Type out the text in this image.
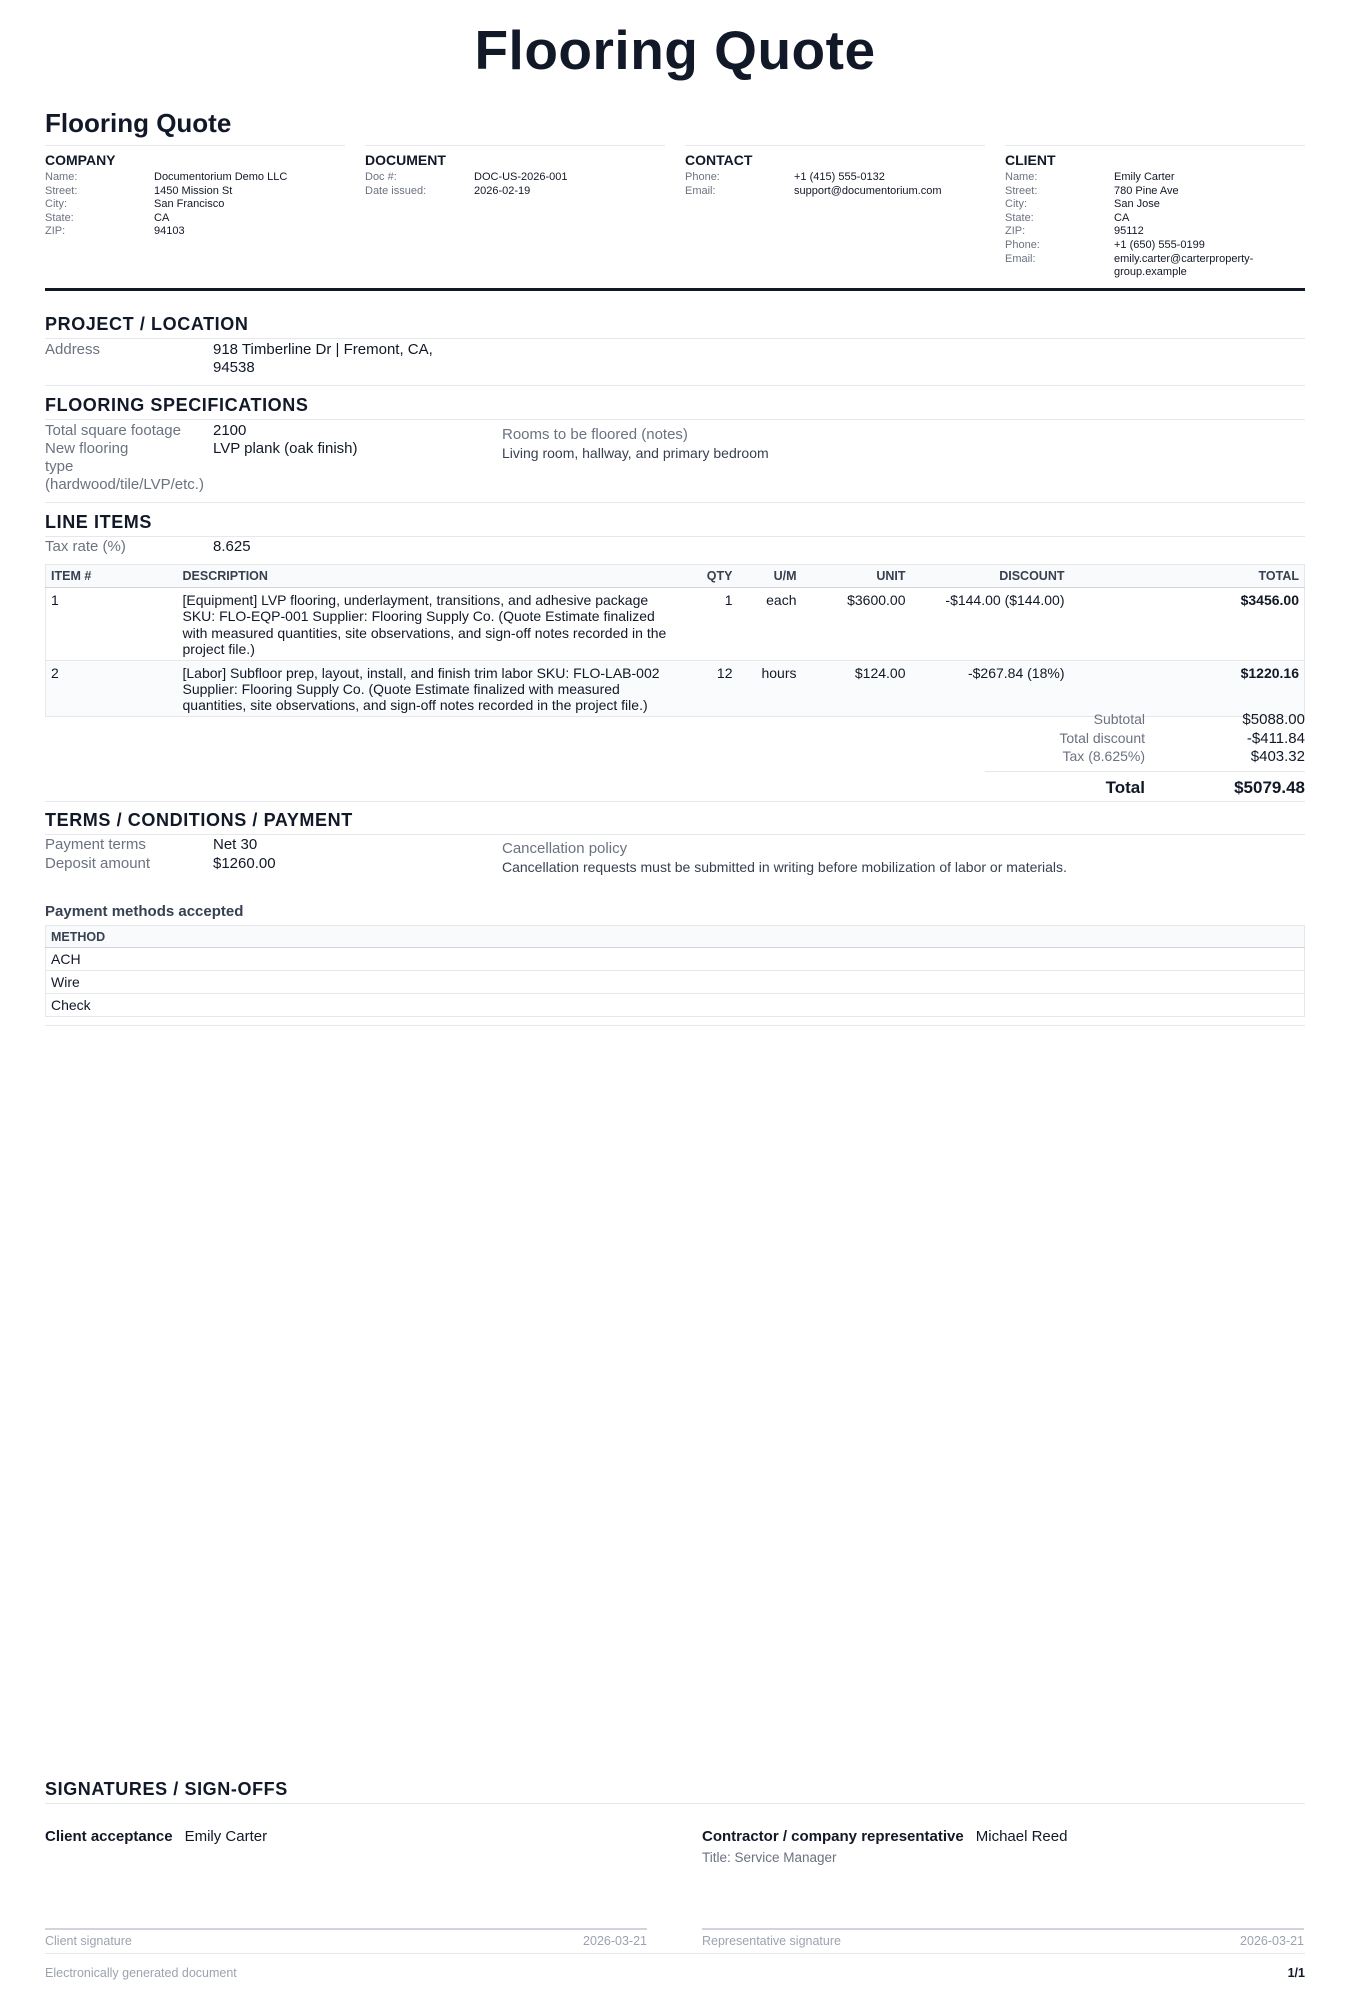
Flooring Quote
Flooring Quote
COMPANY
Name:	Documentorium Demo LLC
Street:	1450 Mission St
City:	San Francisco
State:	CA
ZIP:	94103
DOCUMENT
Doc #:	DOC-US-2026-001
Date issued:	2026-02-19
CONTACT
Phone:	+1 (415) 555-0132
Email:	support@documentorium.com
CLIENT
Name:	Emily Carter
Street:	780 Pine Ave
City:	San Jose
State:	CA
ZIP:	95112
Phone:	+1 (650) 555-0199
Email:	emily.carter@carterproperty-group.example
PROJECT / LOCATION
Address	918 Timberline Dr | Fremont, CA, 94538
FLOORING SPECIFICATIONS
Total square footage	2100
New flooring type (hardwood/tile/LVP/etc.)
LVP plank (oak finish)
Rooms to be floored (notes)
Living room, hallway, and primary bedroom
LINE ITEMS
Tax rate (%)	8.625
ITEM #	DESCRIPTION	QTY	U/M	UNIT	DISCOUNT	TOTAL
1	[Equipment] LVP flooring, underlayment, transitions, and adhesive package SKU: FLO-EQP-001 Supplier: Flooring Supply Co. (Quote Estimate finalized with measured quantities, site observations, and sign-off notes recorded in the project file.)	1	each	$3600.00	-$144.00 ($144.00)	$3456.00
2	[Labor] Subfloor prep, layout, install, and finish trim labor SKU: FLO-LAB-002 Supplier: Flooring Supply Co. (Quote Estimate finalized with measured quantities, site observations, and sign-off notes recorded in the project file.)	12	hours	$124.00	-$267.84 (18%)	$1220.16
Subtotal	$5088.00
Total discount	-$411.84
Tax (8.625%)	$403.32
Total	$5079.48
TERMS / CONDITIONS / PAYMENT
Payment terms	Net 30
Deposit amount	$1260.00
Cancellation policy
Cancellation requests must be submitted in writing before mobilization of labor or materials.
Payment methods accepted
METHOD
ACH
Wire
Check
SIGNATURES / SIGN-OFFS
Client acceptance Emily Carter	Contractor / company representative Michael Reed
Title: Service Manager
Client signature	2026-03-21	Representative signature	2026-03-21
Electronically generated document	1/1
